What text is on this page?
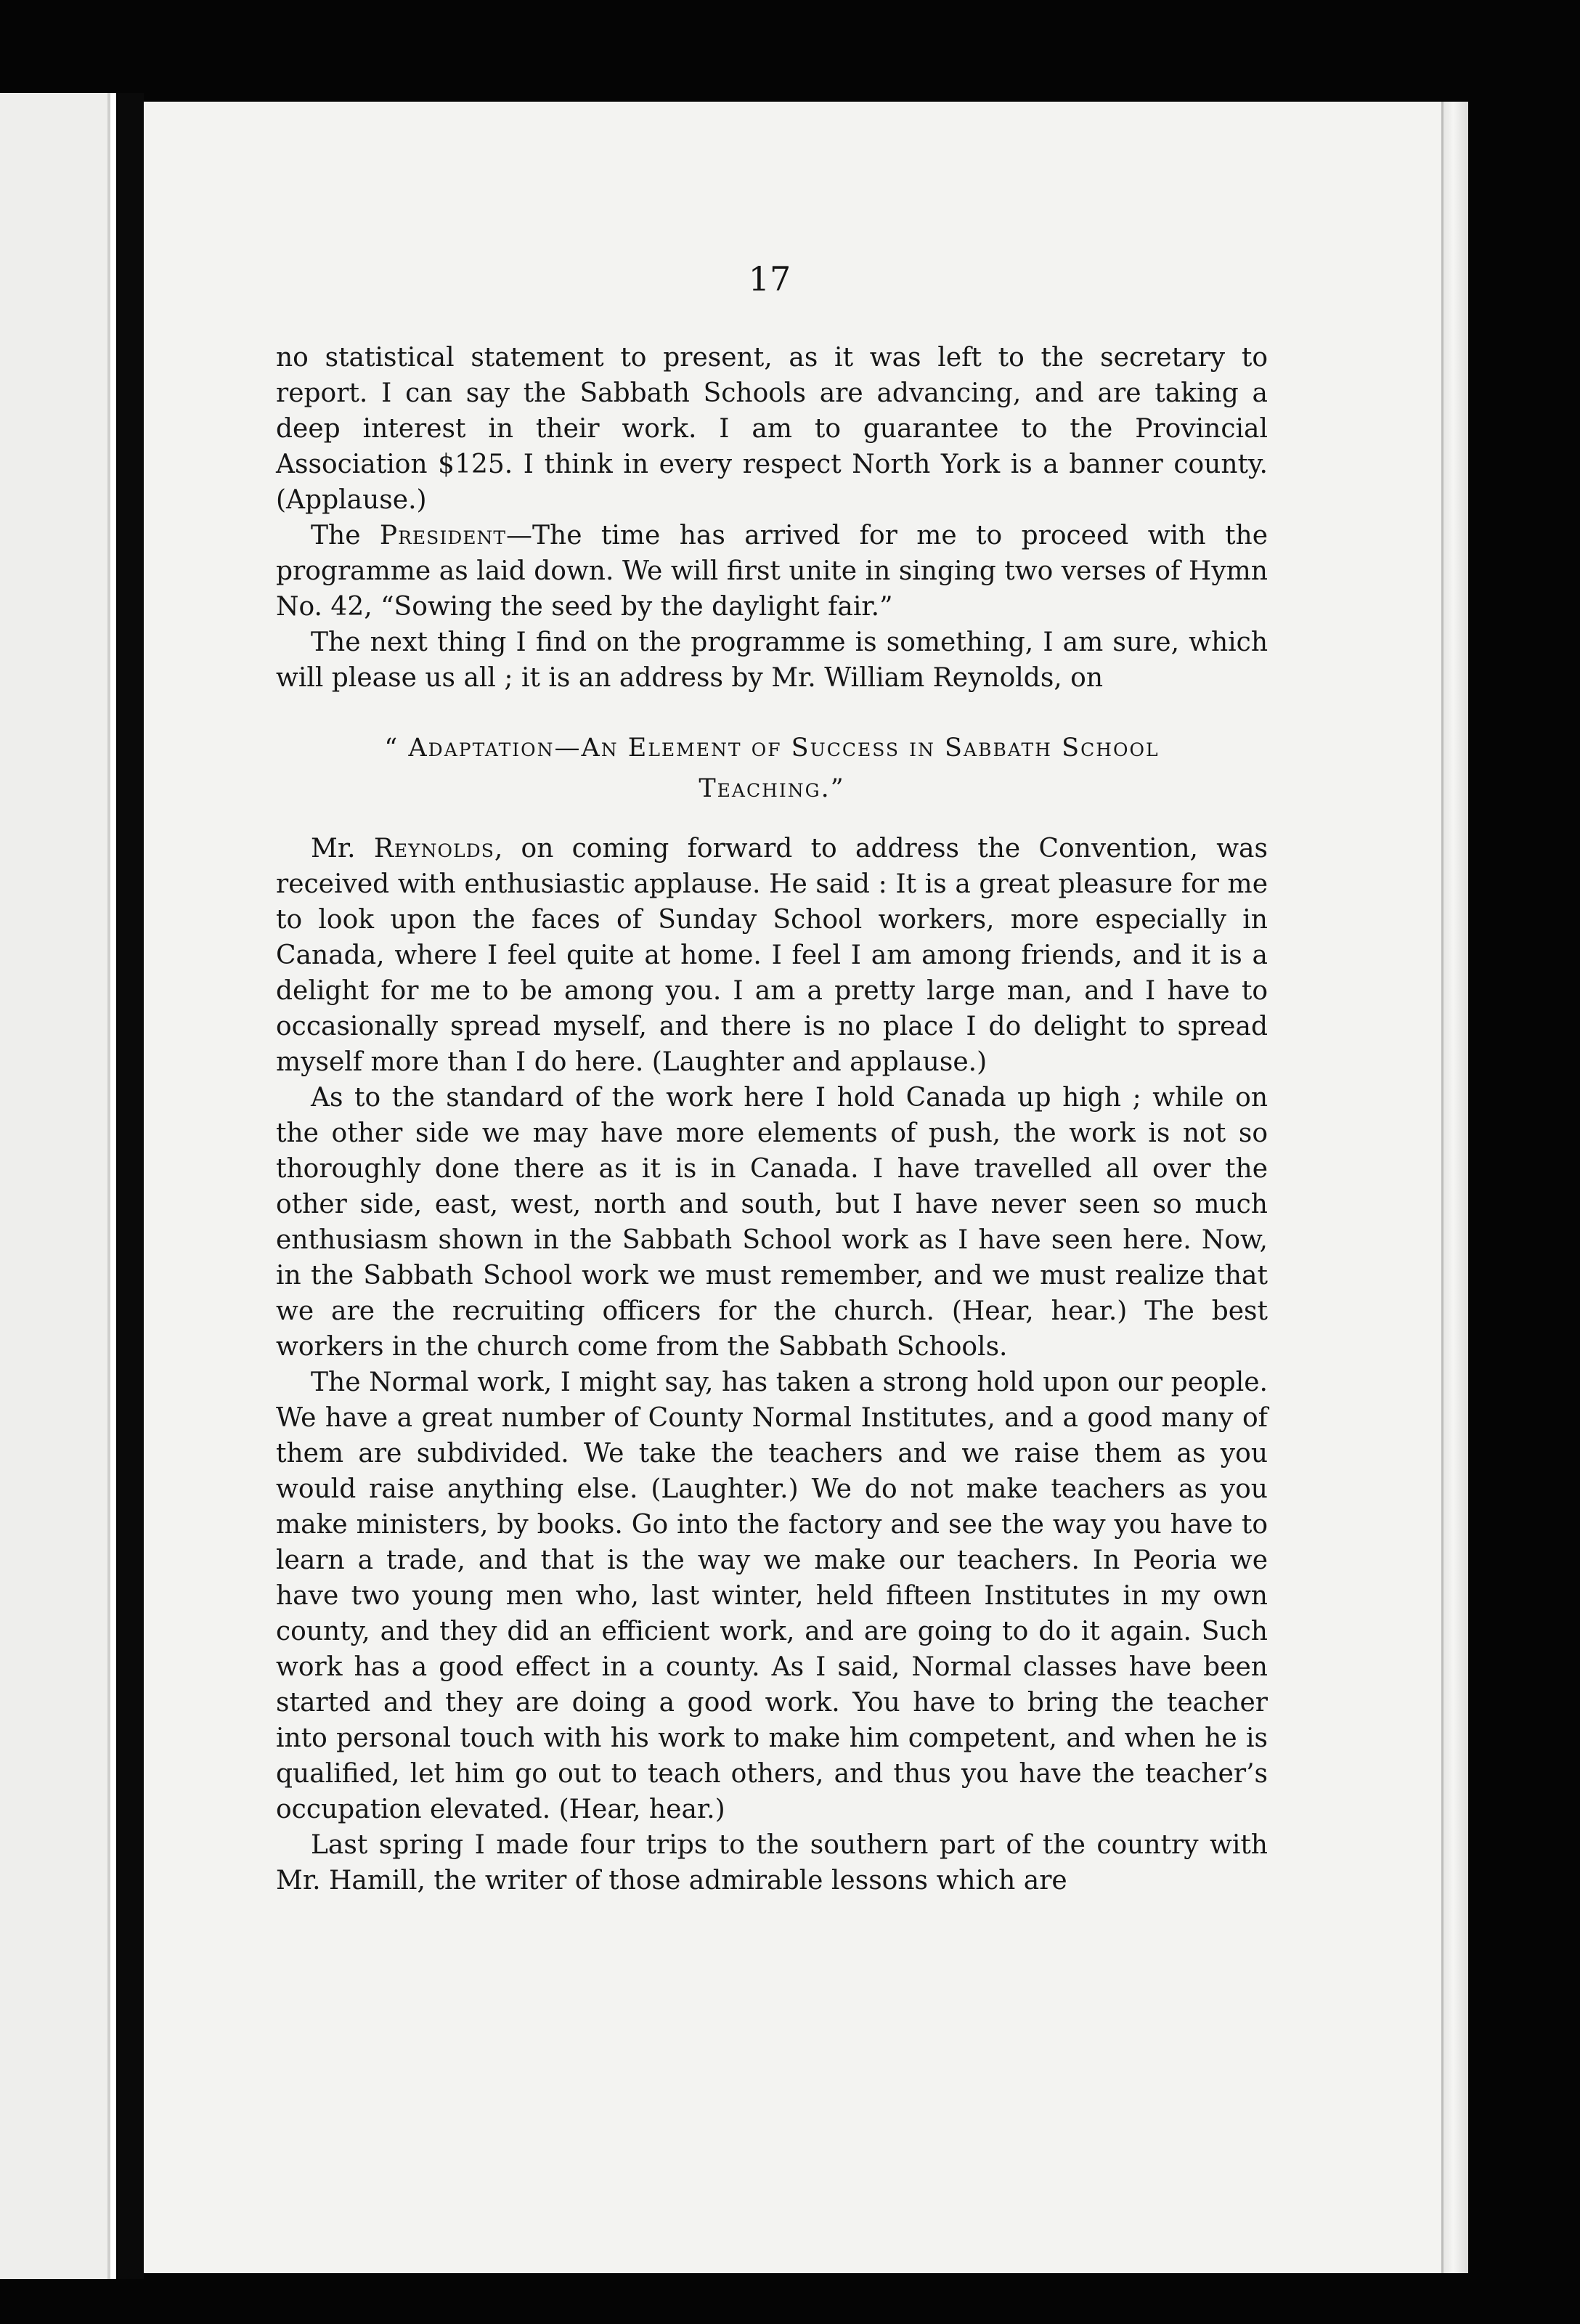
17

no statistical statement to present, as it was left to the secretary to report. I can say the Sabbath Schools are advancing, and are taking a deep interest in their work. I am to guarantee to the Provincial Association $125. I think in every respect North York is a banner county. (Applause.)

The President—The time has arrived for me to proceed with the programme as laid down. We will first unite in singing two verses of Hymn No. 42, “Sowing the seed by the daylight fair.”

The next thing I find on the programme is something, I am sure, which will please us all ; it is an address by Mr. William Reynolds, on

“ Adaptation—An Element of Success in Sabbath School
Teaching.”

Mr. Reynolds, on coming forward to address the Convention, was received with enthusiastic applause. He said : It is a great pleasure for me to look upon the faces of Sunday School workers, more especially in Canada, where I feel quite at home. I feel I am among friends, and it is a delight for me to be among you. I am a pretty large man, and I have to occasionally spread myself, and there is no place I do delight to spread myself more than I do here. (Laughter and applause.)

As to the standard of the work here I hold Canada up high ; while on the other side we may have more elements of push, the work is not so thoroughly done there as it is in Canada. I have travelled all over the other side, east, west, north and south, but I have never seen so much enthusiasm shown in the Sabbath School work as I have seen here. Now, in the Sabbath School work we must remember, and we must realize that we are the recruiting officers for the church. (Hear, hear.) The best workers in the church come from the Sabbath Schools.

The Normal work, I might say, has taken a strong hold upon our people. We have a great number of County Normal Institutes, and a good many of them are subdivided. We take the teachers and we raise them as you would raise anything else. (Laughter.) We do not make teachers as you make ministers, by books. Go into the factory and see the way you have to learn a trade, and that is the way we make our teachers. In Peoria we have two young men who, last winter, held fifteen Institutes in my own county, and they did an efficient work, and are going to do it again. Such work has a good effect in a county. As I said, Normal classes have been started and they are doing a good work. You have to bring the teacher into personal touch with his work to make him competent, and when he is qualified, let him go out to teach others, and thus you have the teacher’s occupation elevated. (Hear, hear.)

Last spring I made four trips to the southern part of the country with Mr. Hamill, the writer of those admirable lessons which are
